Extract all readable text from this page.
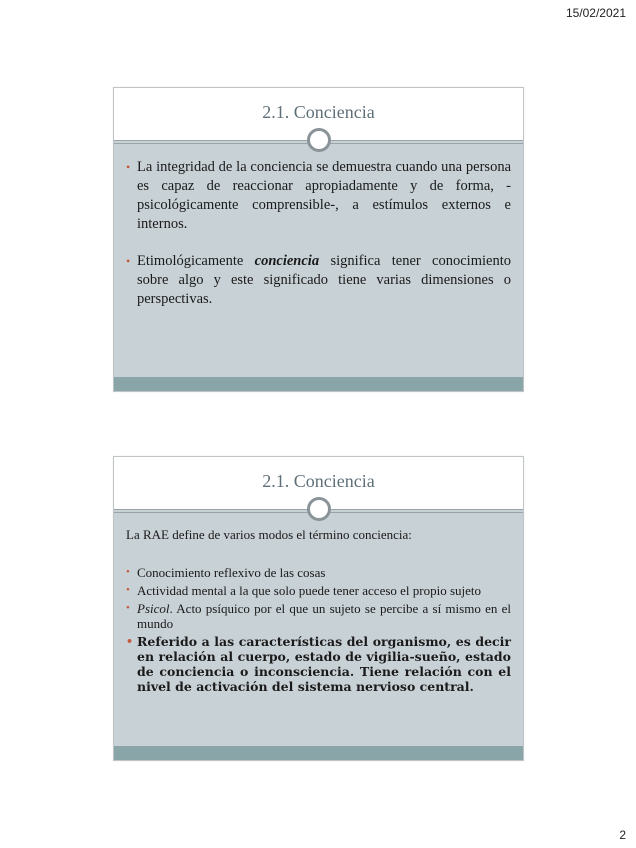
15/02/2021
2.1. Conciencia

• La integridad de la conciencia se demuestra cuando una persona es capaz de reaccionar apropiadamente y de forma, -psicológicamente comprensible-, a estímulos externos e internos.

• Etimológicamente conciencia significa tener conocimiento sobre algo y este significado tiene varias dimensiones o perspectivas.

2.1. Conciencia

La RAE define de varios modos el término conciencia:

• Conocimiento reflexivo de las cosas

• Actividad mental a la que solo puede tener acceso el propio sujeto

• Psicol. Acto psíquico por el que un sujeto se percibe a sí mismo en el mundo

• Referido a las características del organismo, es decir en relación al cuerpo, estado de vigilia-sueño, estado de conciencia o inconsciencia. Tiene relación con el nivel de activación del sistema nervioso central.

2
